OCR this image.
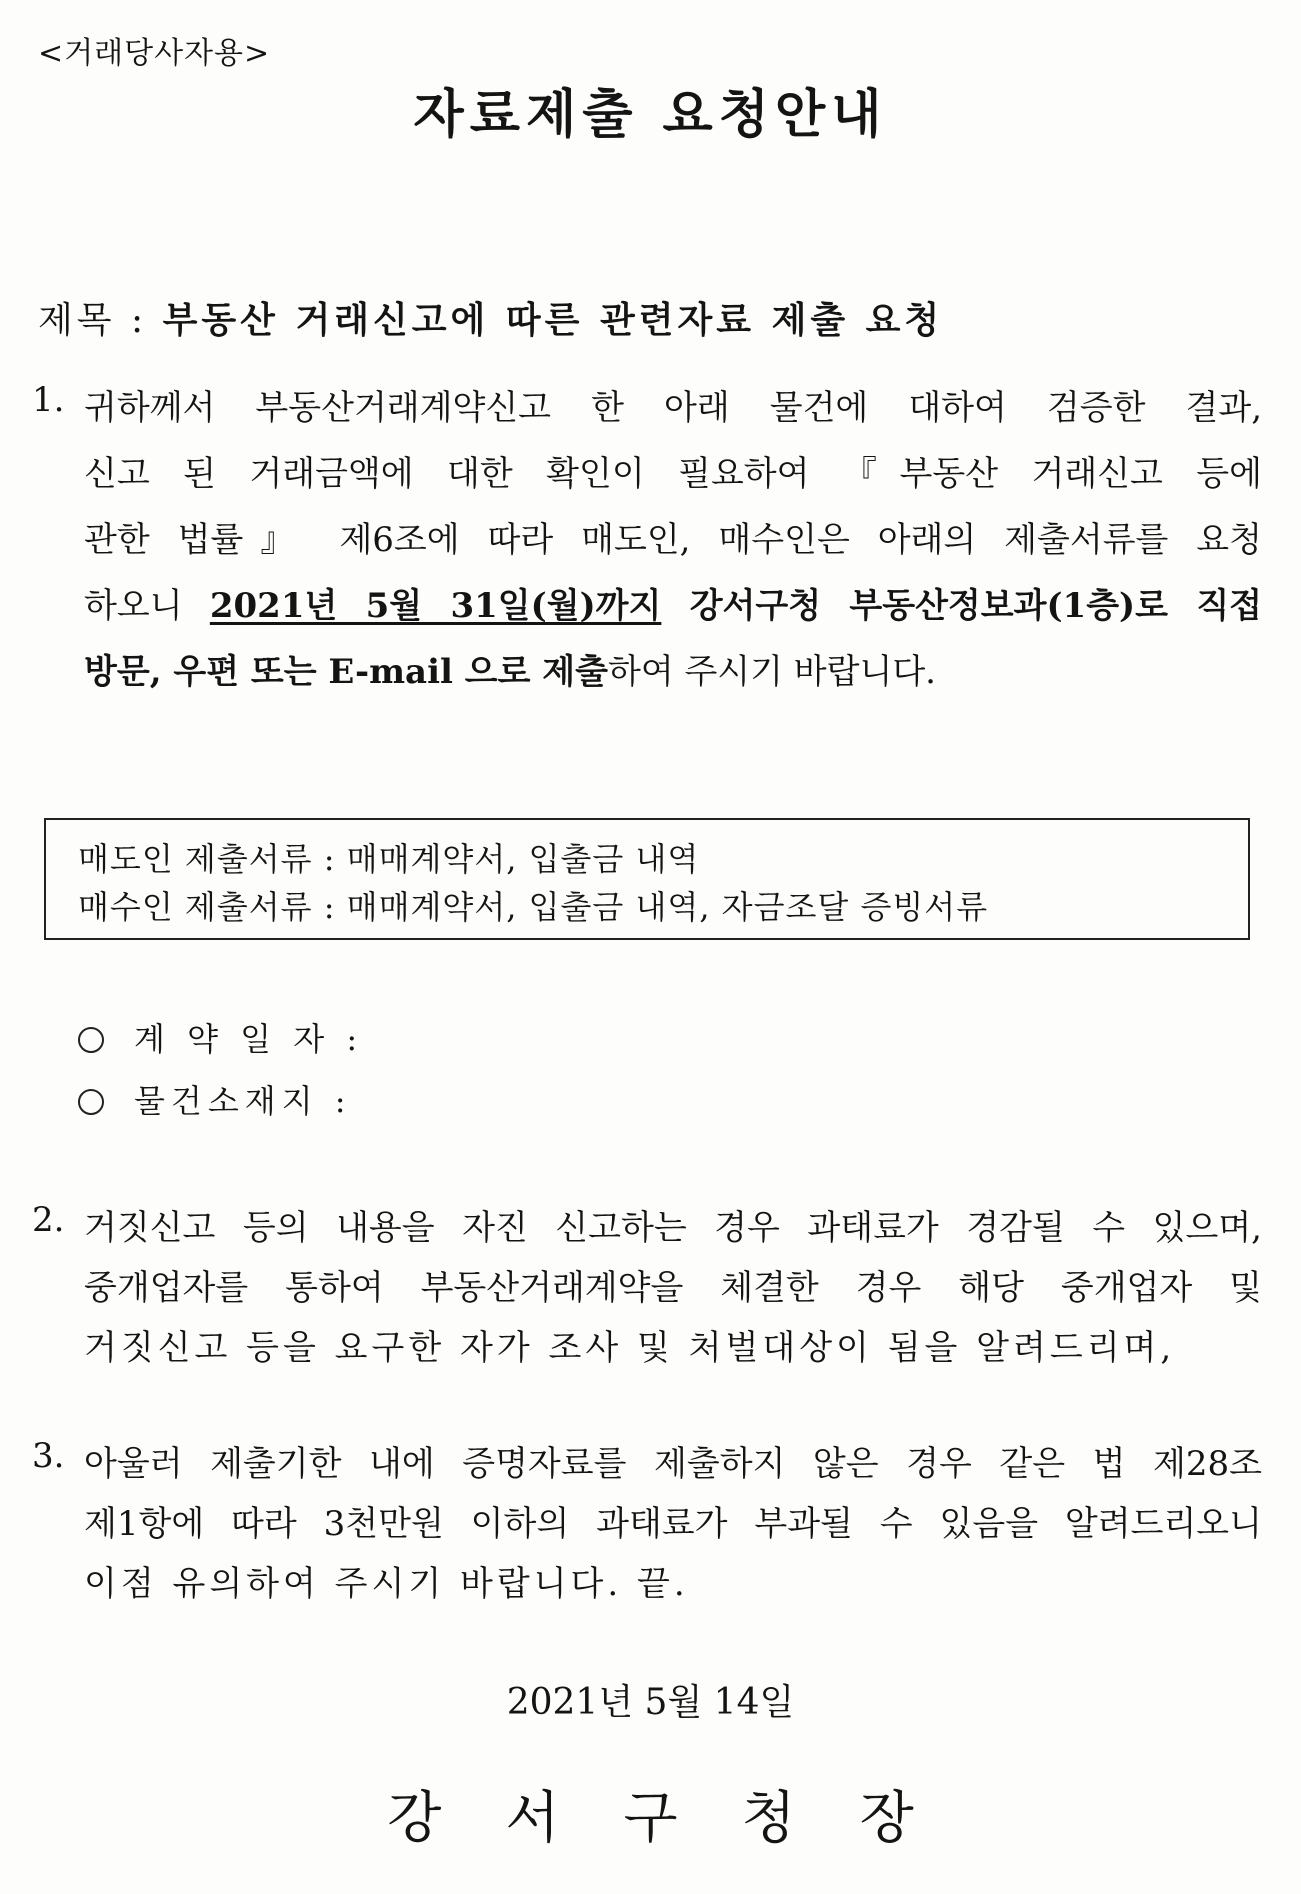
<거래당사자용>
자료제출 요청안내
제목 : 부동산 거래신고에 따른 관련자료 제출 요청
1. 귀하께서 부동산거래계약신고 한 아래 물건에 대하여 검증한 결과,
신고 된 거래금액에 대한 확인이 필요하여 『부동산 거래신고 등에
관한 법률』 제6조에 따라 매도인, 매수인은 아래의 제출서류를 요청
하오니 2021년 5월 31일(월)까지 강서구청 부동산정보과(1층)로 직접
방문, 우편 또는 E-mail 으로 제출하여 주시기 바랍니다.
매도인 제출서류 : 매매계약서, 입출금 내역
매수인 제출서류 : 매매계약서, 입출금 내역, 자금조달 증빙서류
계 약 일 자 :
물건소재지 :
2. 거짓신고 등의 내용을 자진 신고하는 경우 과태료가 경감될 수 있으며,
중개업자를 통하여 부동산거래계약을 체결한 경우 해당 중개업자 및
거짓신고 등을 요구한 자가 조사 및 처벌대상이 됨을 알려드리며,
3. 아울러 제출기한 내에 증명자료를 제출하지 않은 경우 같은 법 제28조
제1항에 따라 3천만원 이하의 과태료가 부과될 수 있음을 알려드리오니
이점 유의하여 주시기 바랍니다. 끝.
2021년 5월 14일
강서구청장
